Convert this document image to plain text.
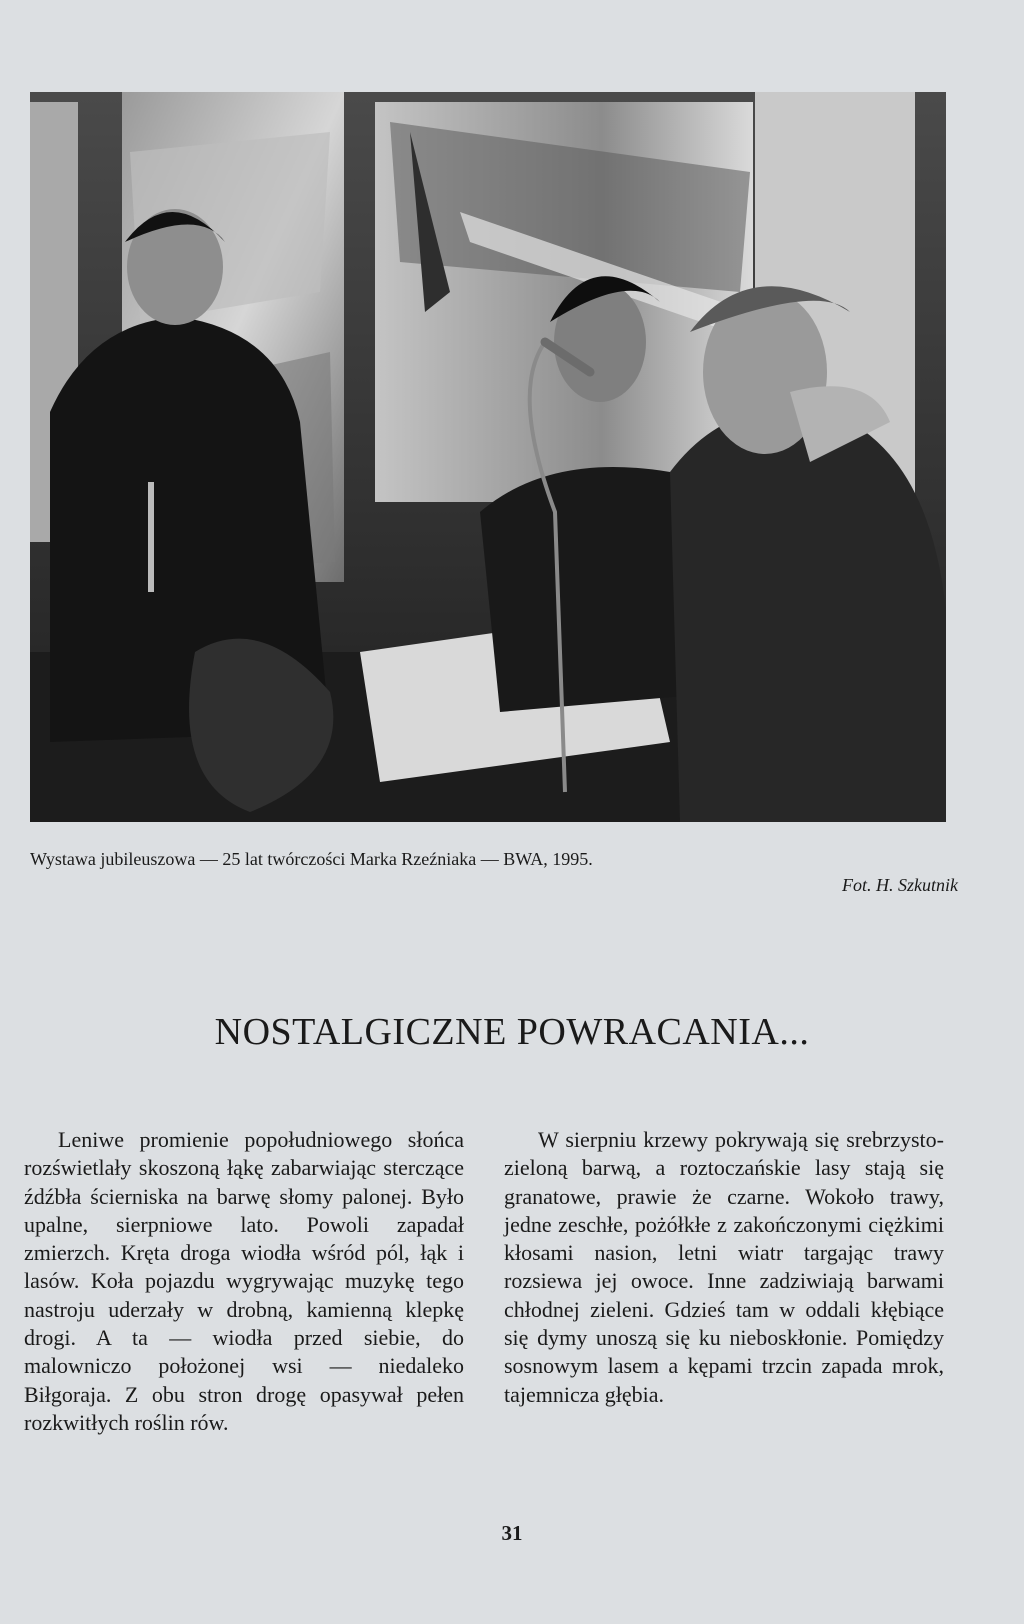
Wystawa jubileuszowa — 25 lat twórczości Marka Rzeźniaka — BWA, 1995.
Fot. H. Szkutnik
NOSTALGICZNE POWRACANIA...

Leniwe promienie popołudniowego słońca rozświetlały skoszoną łąkę zabarwiając sterczące źdźbła ścierniska na barwę słomy palonej. Było upalne, sierpniowe lato. Powoli zapadał zmierzch. Kręta droga wiodła wśród pól, łąk i lasów. Koła pojazdu wygrywając muzykę tego nastroju uderzały w drobną, kamienną klepkę drogi. A ta — wiodła przed siebie, do malowniczo położonej wsi — niedaleko Biłgoraja. Z obu stron drogę opasywał pełen rozkwitłych roślin rów.

W sierpniu krzewy pokrywają się srebrzysto-zieloną barwą, a roztoczańskie lasy stają się granatowe, prawie że czarne. Wokoło trawy, jedne zeschłe, pożółkłe z zakończonymi ciężkimi kłosami nasion, letni wiatr targając trawy rozsiewa jej owoce. Inne zadziwiają barwami chłodnej zieleni. Gdzieś tam w oddali kłębiące się dymy unoszą się ku nieboskłonie. Pomiędzy sosnowym lasem a kępami trzcin zapada mrok, tajemnicza głębia.

31
